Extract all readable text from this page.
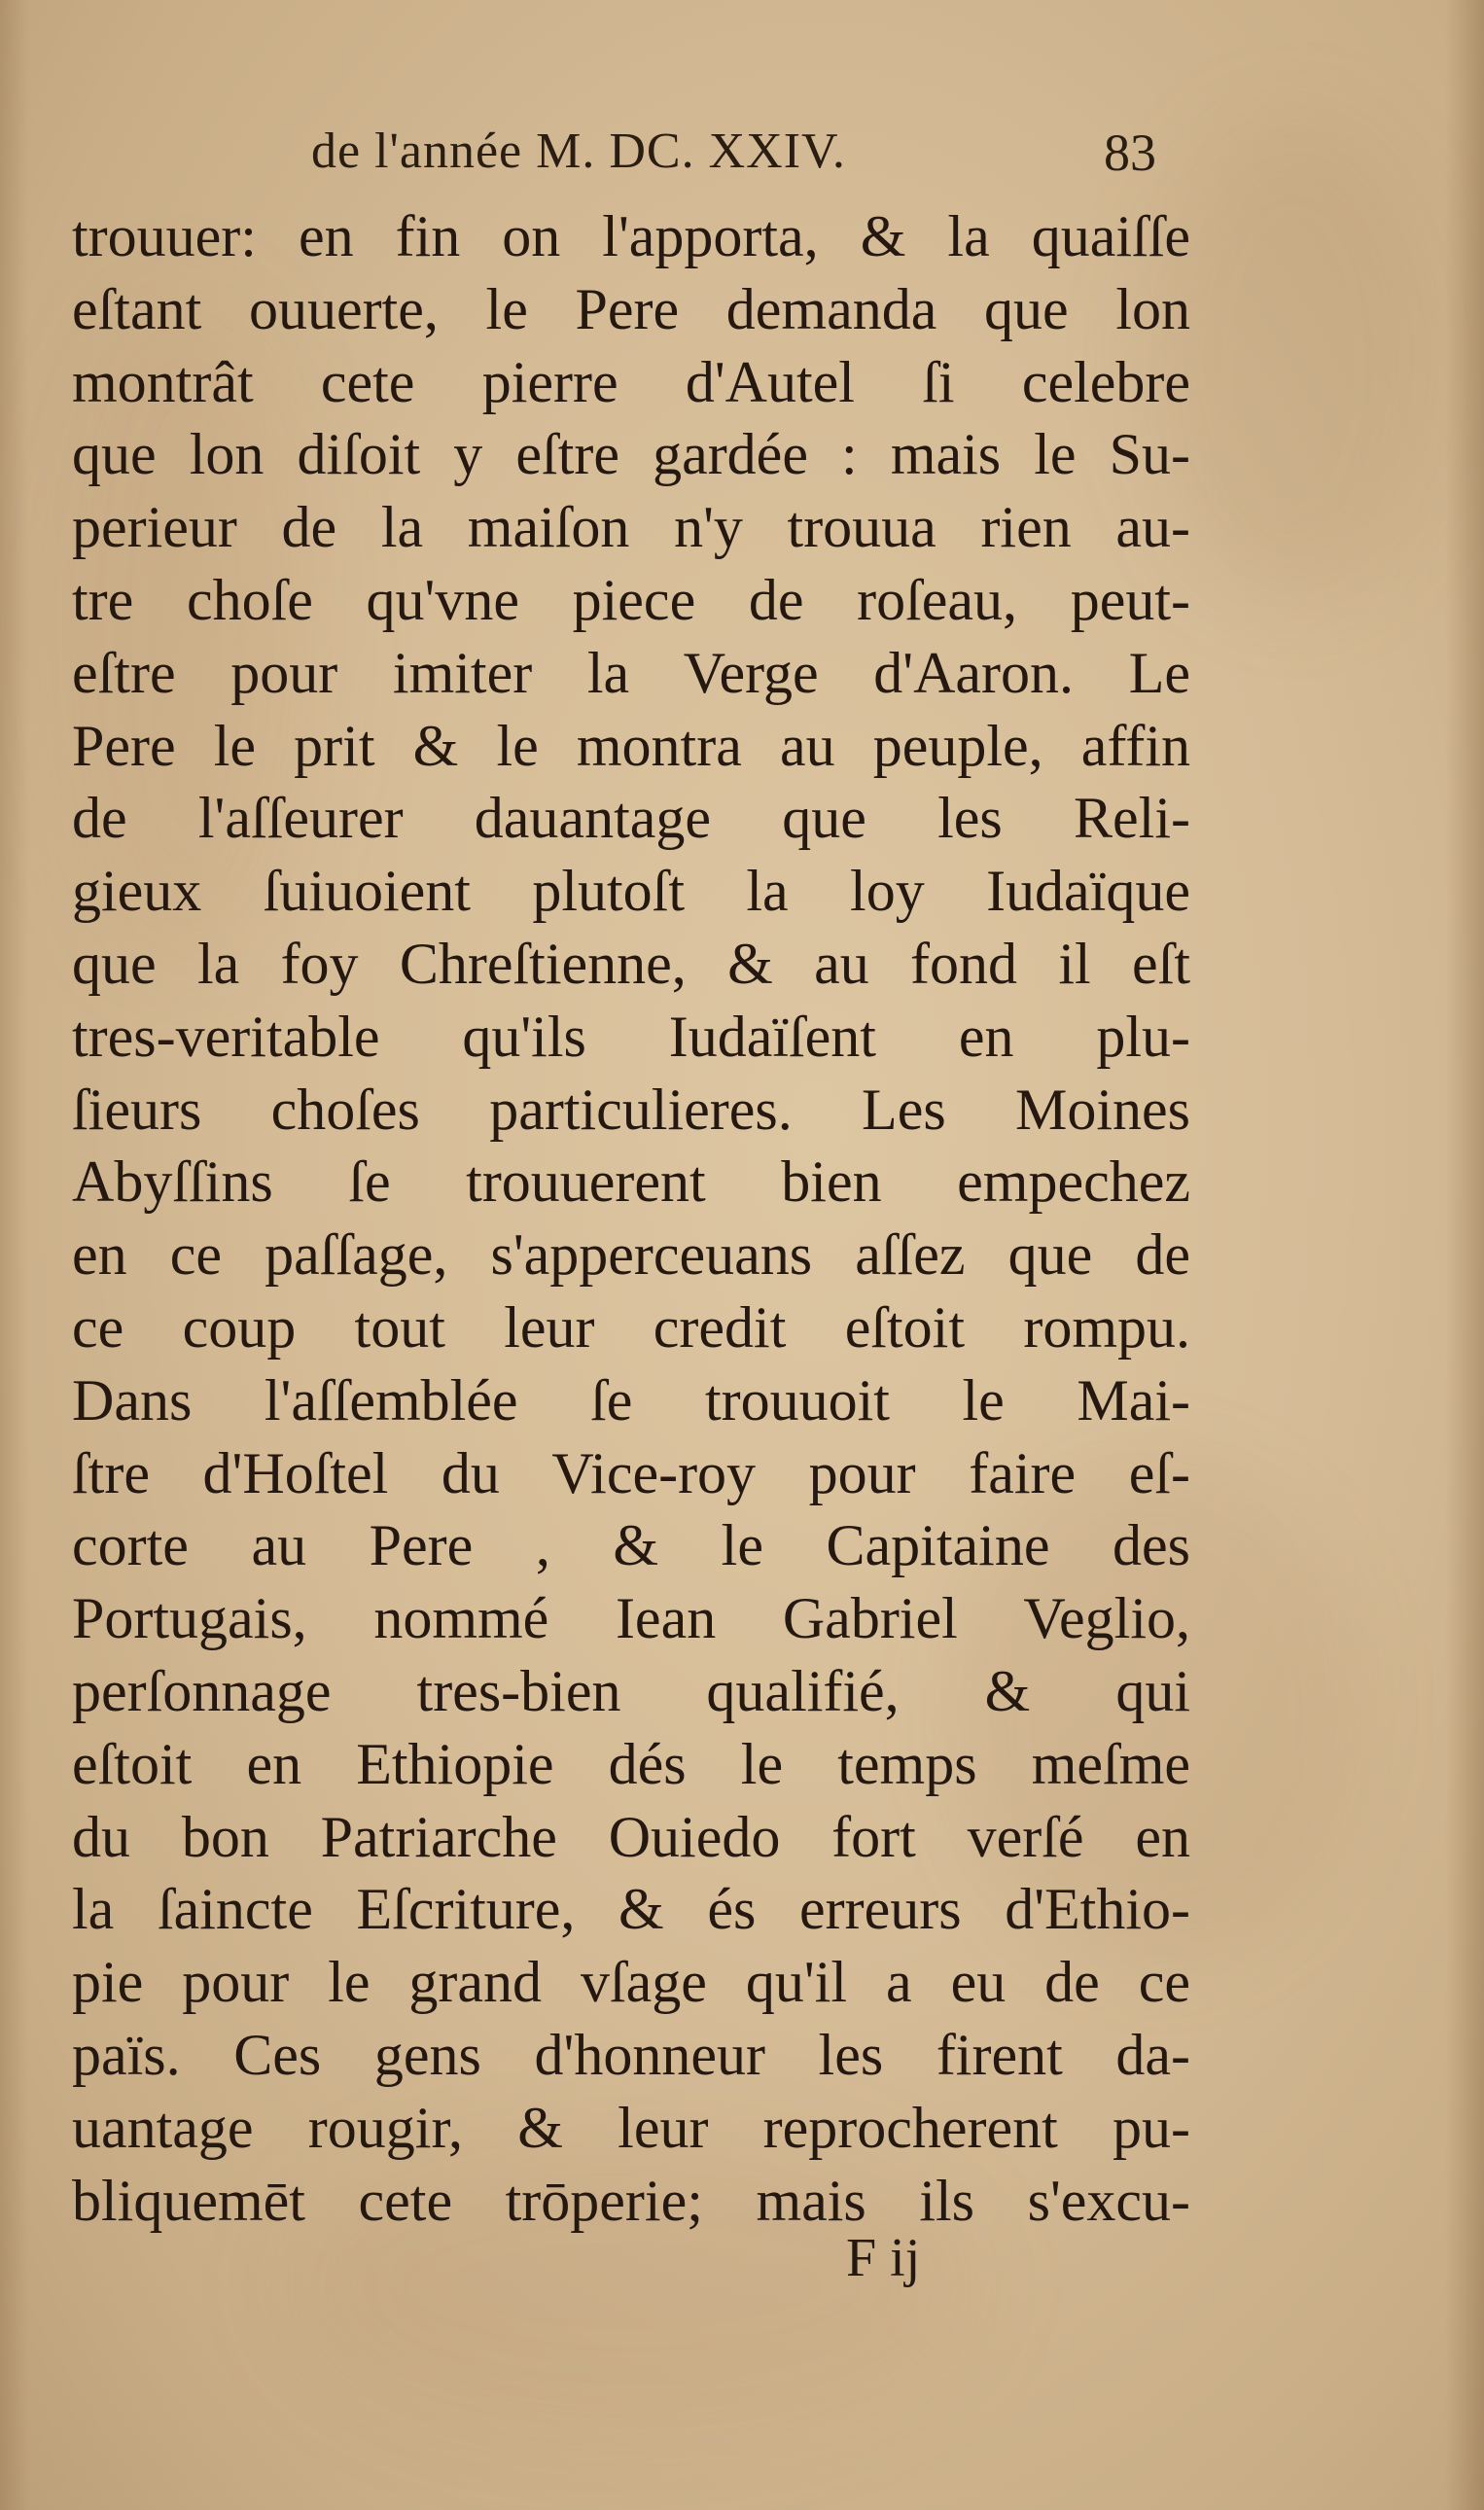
de l'année M. DC. XXIV.	83
trouuer: en fin on l'apporta, & la quaiſſe
eſtant ouuerte, le Pere demanda que lon
montrât cete pierre d'Autel ſi celebre
que lon diſoit y eſtre gardée : mais le Su-
perieur de la maiſon n'y trouua rien au-
tre choſe qu'vne piece de roſeau, peut-
eſtre pour imiter la Verge d'Aaron. Le
Pere le prit & le montra au peuple, affin
de l'aſſeurer dauantage que les Reli-
gieux ſuiuoient plutoſt la loy Iudaïque
que la foy Chreſtienne, & au fond il eſt
tres-veritable qu'ils Iudaïſent en plu-
ſieurs choſes particulieres. Les Moines
Abyſſins ſe trouuerent bien empechez
en ce paſſage, s'apperceuans aſſez que de
ce coup tout leur credit eſtoit rompu.
Dans l'aſſemblée ſe trouuoit le Mai-
ſtre d'Hoſtel du Vice-roy pour faire eſ-
corte au Pere , & le Capitaine des
Portugais, nommé Iean Gabriel Veglio,
perſonnage tres-bien qualifié, & qui
eſtoit en Ethiopie dés le temps meſme
du bon Patriarche Ouiedo fort verſé en
la ſaincte Eſcriture, & és erreurs d'Ethio-
pie pour le grand vſage qu'il a eu de ce
païs. Ces gens d'honneur les firent da-
uantage rougir, & leur reprocherent pu-
bliquemēt cete trōperie; mais ils s'excu-
F ij
